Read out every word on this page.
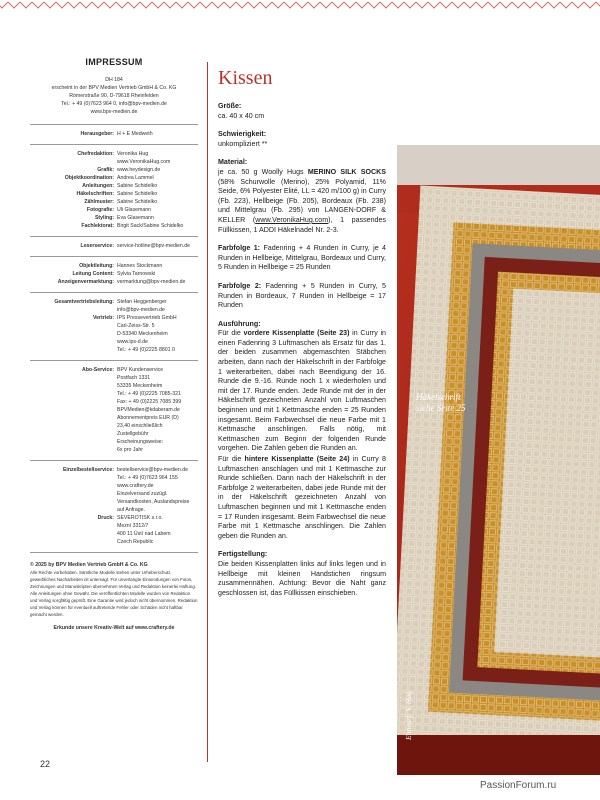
IMPRESSUM
DH 184
erscheint in der BPV Medien Vertrieb GmbH & Co. KG
Römerstraße 90, D-79618 Rheinfelden
Tel.: + 49 (0)7623 964 0, info@bpv-medien.de
www.bpv-medien.de
Herausgeber: H + E Medweth
Chefredaktion: Veronika Hug
www.VeronikaHug.com
Grafik: www.heydesign.de
Objektkoordination: Andrea Lammel
Anleitungen: Sabine Schidelko
Häkelschriften: Sabine Schidelko
Zählmuster: Sabine Schidelko
Fotografie: Uli Glasemann
Styling: Eva Glasemann
Fachlektorat: Birgit Sack/Sabine Schidelko
Leserservice: service-hotline@bpv-medien.de
Objektleitung: Hannes Stockmann
Leitung Content: Sylvia Tarnowski
Anzeigenvermarktung: vermarktung@bpv-medien.de
Gesamtvertriebsleitung: Stefan Heggenberger
info@bpv-medien.de
Vertrieb: IPS Pressevertrieb GmbH
Carl-Zeiss-Str. 5
D-53340 Meckenheim
www.ips-d.de
Tel.: + 49 (0)2225 8801 0
Abo-Service: BPV Kundenservice
Postfach 1331
53335 Meckenheim
Tel.: + 49 (0)2225 7085-321
Fax: + 49 (0)2225 7085 399
BPVMedien@kdaberam.de
Abonnementpreis EUR (D)
23,40 einschließlich
Zustellgebühr
Erscheinungsweise:
6x pro Jahr
Einzelbestellservice: bestellservice@bpv-medien.de
Tel.: + 49 (0)7623 964 155
www.craftery.de
Einzelversand zuzügl.
Versandkosten, Auslandspreise
auf Anfrage.
Druck: SEVEROTISK s.r.o.
Mezní 3312/7
400 11 Ústí nad Labem
Czech Republic
© 2025 by BPV Medien Vertrieb GmbH & Co. KG
Alle Rechte vorbehalten. Sämtliche Modelle stehen unter Urheberschutz, gewerbliches Nacharbeiten ist untersagt. Für unverlangte Einsendungen von Fotos, Zeichnungen und Manuskripten übernehmen Verlag und Redaktion keinerlei Haftung. Alle Anleitungen ohne Gewähr. Die veröffentlichten Modelle wurden von Redaktion und Verlag sorgfältig geprüft. Eine Garantie wird jedoch nicht übernommen. Redaktion und Verlag können für eventuell auftretende Fehler oder Schäden nicht haftbar gemacht werden.
Erkunde unsere Kreativ-Welt auf www.craftery.de
Kissen
Größe:
ca. 40 x 40 cm
Schwierigkeit:
unkompliziert **
Material:
je ca. 50 g Woolly Hugs MERINO SILK SOCKS (58% Schurwolle (Merino), 25% Polyamid, 11% Seide, 6% Polyester Elité, LL = 420 m/100 g) in Curry (Fb. 223), Hellbeige (Fb. 205), Bordeaux (Fb. 238) und Mittelgrau (Fb. 295) von LANGEN-DORF & KELLER (www.VeronikaHug.com), 1 passendes Füllkissen, 1 ADDI Häkelnadel Nr. 2-3.
Farbfolge 1: Fadenring + 4 Runden in Curry, je 4 Runden in Hellbeige, Mittelgrau, Bordeaux und Curry, 5 Runden in Hellbeige = 25 Runden
Farbfolge 2: Fadenring + 5 Runden in Curry, 5 Runden in Bordeaux, 7 Runden in Hellbeige = 17 Runden
Ausführung:
Für die vordere Kissenplatte (Seite 23) in Curry in einen Fadenring 3 Luftmaschen als Ersatz für das 1. der beiden zusammen abgemaschten Stäbchen arbeiten, dann nach der Häkelschrift in der Farbfolge 1 weiterarbeiten, dabei nach Beendigung der 16. Runde die 9.-16. Runde noch 1 x wiederholen und mit der 17. Runde enden. Jede Runde mit der in der Häkelschrift gezeichneten Anzahl von Luftmaschen beginnen und mit 1 Kettmasche enden = 25 Runden insgesamt. Beim Farbwechsel die neue Farbe mit 1 Kettmasche anschlingen. Falls nötig, mit Kettmaschen zum Beginn der folgenden Runde vorgehen. Die Zahlen geben die Runden an.
Für die hintere Kissenplatte (Seite 24) in Curry 8 Luftmaschen anschlagen und mit 1 Kettmasche zur Runde schließen. Dann nach der Häkelschrift in der Farbfolge 2 weiterarbeiten, dabei jede Runde mit der in der Häkelschrift gezeichneten Anzahl von Luftmaschen beginnen und mit 1 Kettmasche enden = 17 Runden insgesamt. Beim Farbwechsel die neue Farbe mit 1 Kettmasche anschlingen. Die Zahlen geben die Runden an.
Fertigstellung:
Die beiden Kissenplatten links auf links legen und in Hellbeige mit kleinen Handstichen ringsum zusammennähen. Achtung: Bevor die Naht ganz geschlossen ist, das Füllkissen einschieben.
Häkelschrift
siehe Seite 25
Entwurf: V. Hug
22
PassionForum.ru
